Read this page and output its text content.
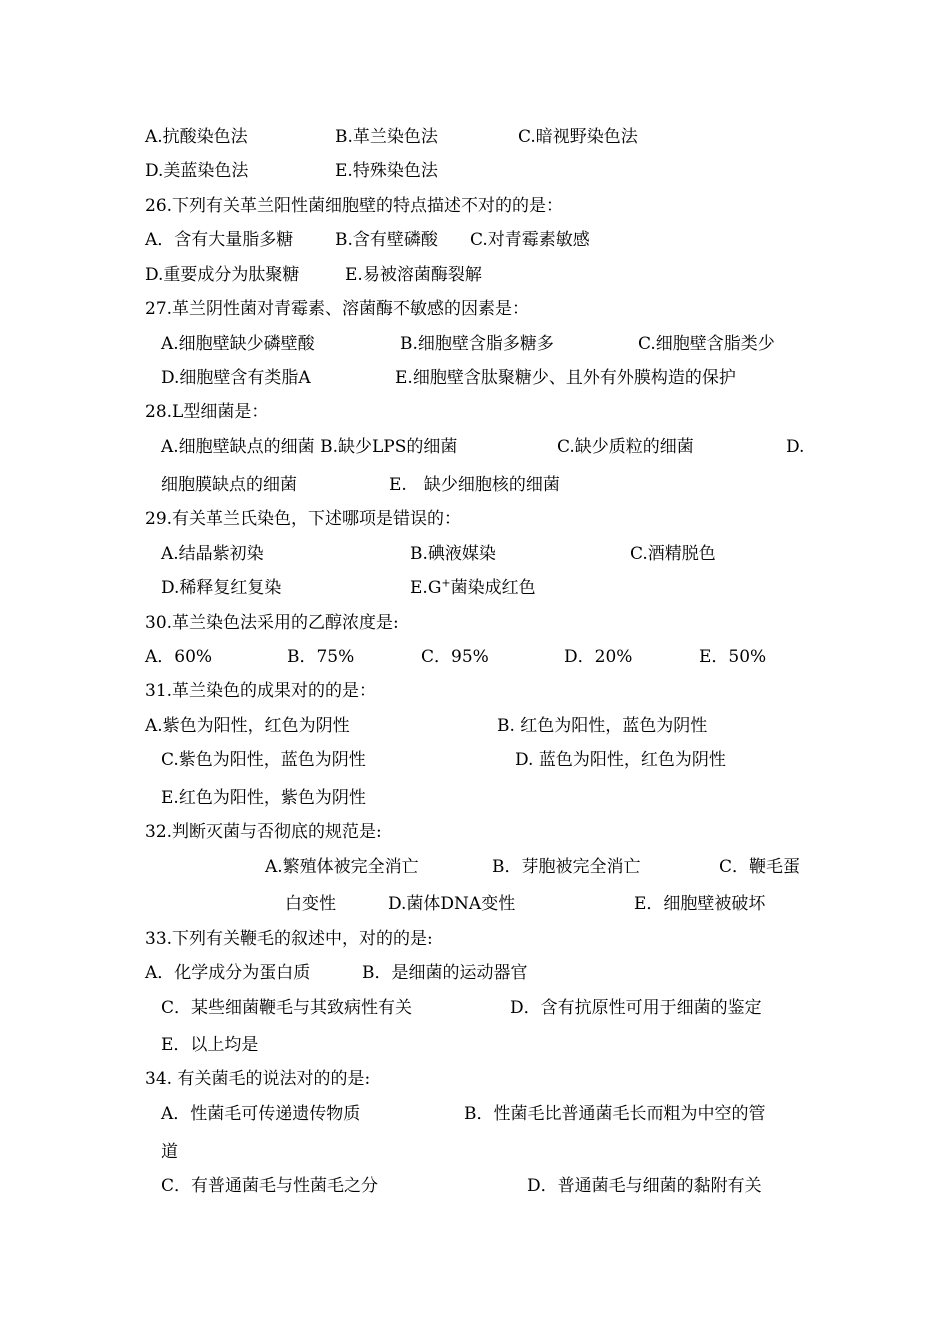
A.抗酸染色法	B.革兰染色法	C.暗视野染色法
D.美蓝染色法	E.特殊染色法
26.下列有关革兰阳性菌细胞壁的特点描述不对的的是：
A．含有大量脂多糖 B.含有壁磷酸 C.对青霉素敏感
D.重要成分为肽聚糖	E.易被溶菌酶裂解
27.革兰阴性菌对青霉素、溶菌酶不敏感的因素是：
A.细胞壁缺少磷壁酸	B.细胞壁含脂多糖多	C.细胞壁含脂类少
D.细胞壁含有类脂A	E.细胞壁含肽聚糖少、且外有外膜构造的保护
28.L型细菌是：
A.细胞壁缺点的细菌 B.缺少LPS的细菌	C.缺少质粒的细菌	D.
细胞膜缺点的细菌	E.　缺少细胞核的细菌
29.有关革兰氏染色，下述哪项是错误的：
A.结晶紫初染	B.碘液媒染	C.酒精脱色
D.稀释复红复染	E.G+菌染成红色
30.革兰染色法采用的乙醇浓度是:
A．60%	B．75%	C．95%	D．20%	E．50%
31.革兰染色的成果对的的是：
A.紫色为阳性，红色为阴性	B. 红色为阳性，蓝色为阴性
C.紫色为阳性，蓝色为阴性	D. 蓝色为阳性，红色为阴性
E.红色为阳性，紫色为阴性
32.判断灭菌与否彻底的规范是:
A.繁殖体被完全消亡	B．芽胞被完全消亡	C．鞭毛蛋
白变性	D.菌体DNA变性	E．细胞壁被破坏
33.下列有关鞭毛的叙述中，对的的是:
A．化学成分为蛋白质	B．是细菌的运动器官
C．某些细菌鞭毛与其致病性有关	D．含有抗原性可用于细菌的鉴定
E．以上均是
34. 有关菌毛的说法对的的是:
A．性菌毛可传递遗传物质	B．性菌毛比普通菌毛长而粗为中空的管
道
C．有普通菌毛与性菌毛之分	D．普通菌毛与细菌的黏附有关
